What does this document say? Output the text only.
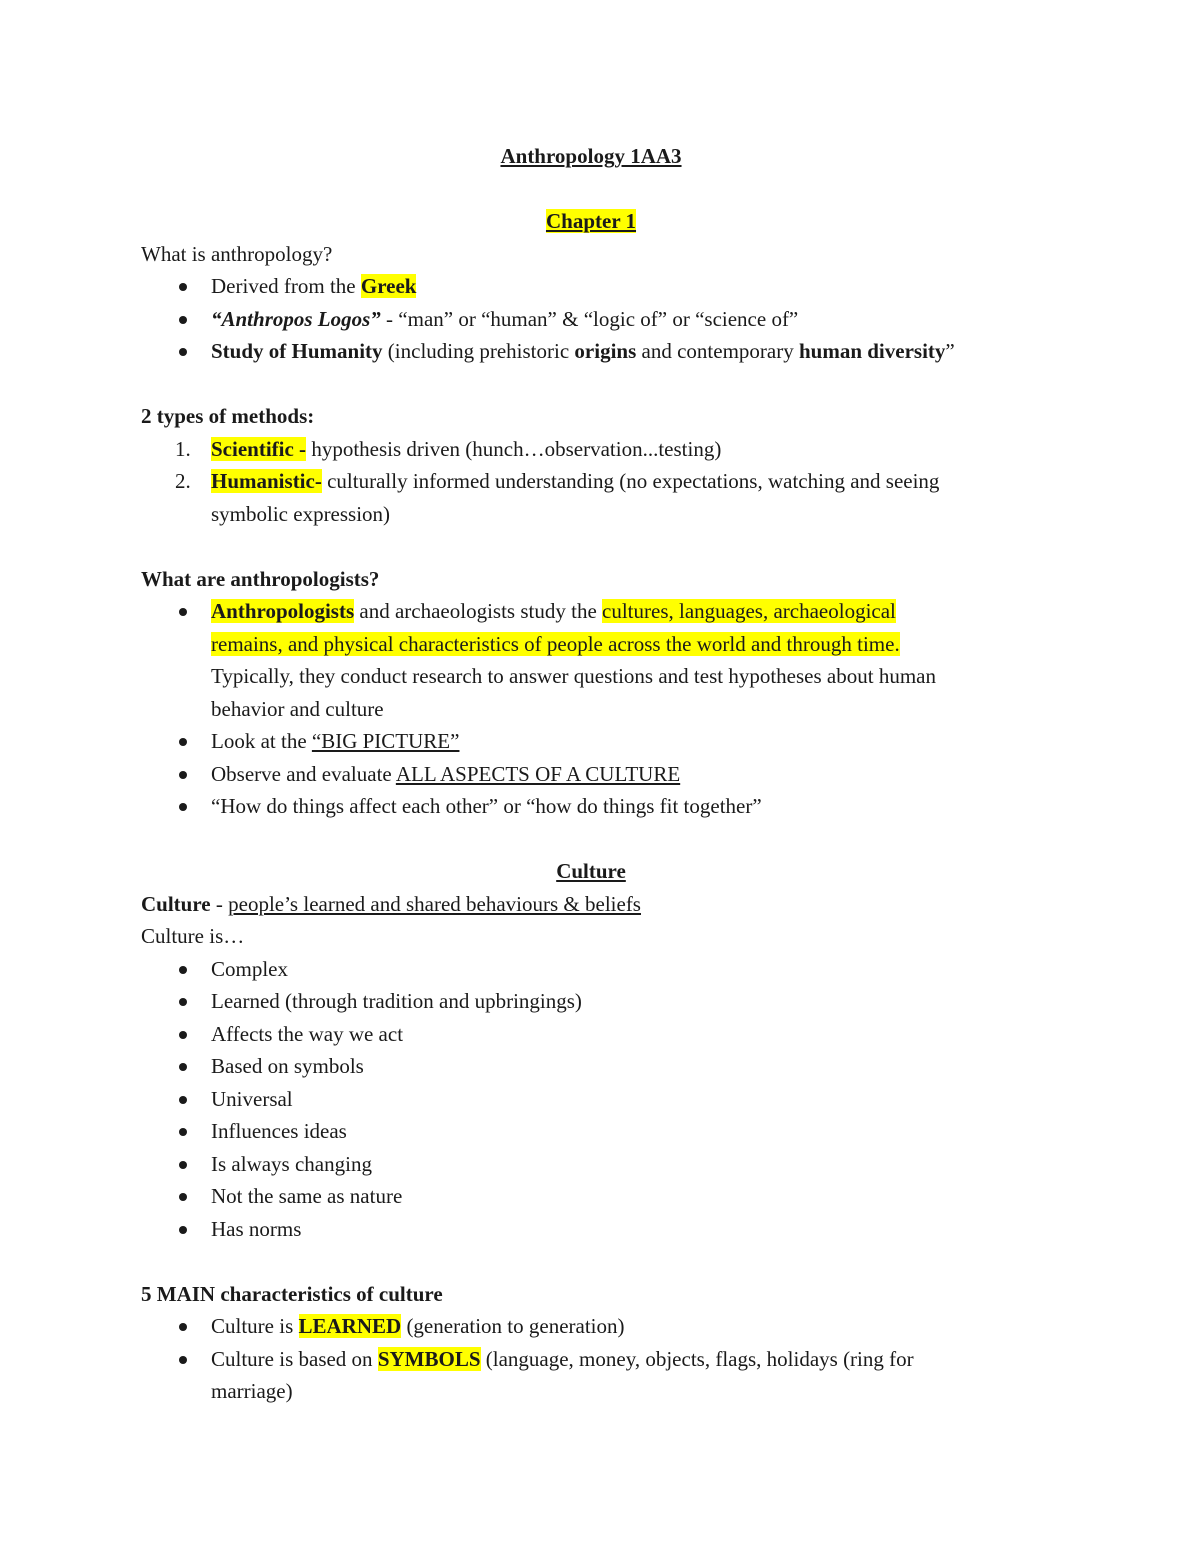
Anthropology 1AA3
Chapter 1
What is anthropology?
Derived from the Greek
“Anthropos Logos” - “man” or “human” & “logic of” or “science of”
Study of Humanity (including prehistoric origins and contemporary human diversity”
2 types of methods:
1. Scientific - hypothesis driven (hunch…observation...testing)
2. Humanistic- culturally informed understanding (no expectations, watching and seeing
symbolic expression)
What are anthropologists?
Anthropologists and archaeologists study the cultures, languages, archaeological
remains, and physical characteristics of people across the world and through time.
Typically, they conduct research to answer questions and test hypotheses about human
behavior and culture
Look at the “BIG PICTURE”
Observe and evaluate ALL ASPECTS OF A CULTURE
“How do things affect each other” or “how do things fit together”
Culture
Culture - people’s learned and shared behaviours & beliefs
Culture is…
Complex
Learned (through tradition and upbringings)
Affects the way we act
Based on symbols
Universal
Influences ideas
Is always changing
Not the same as nature
Has norms
5 MAIN characteristics of culture
Culture is LEARNED (generation to generation)
Culture is based on SYMBOLS (language, money, objects, flags, holidays (ring for
marriage)
